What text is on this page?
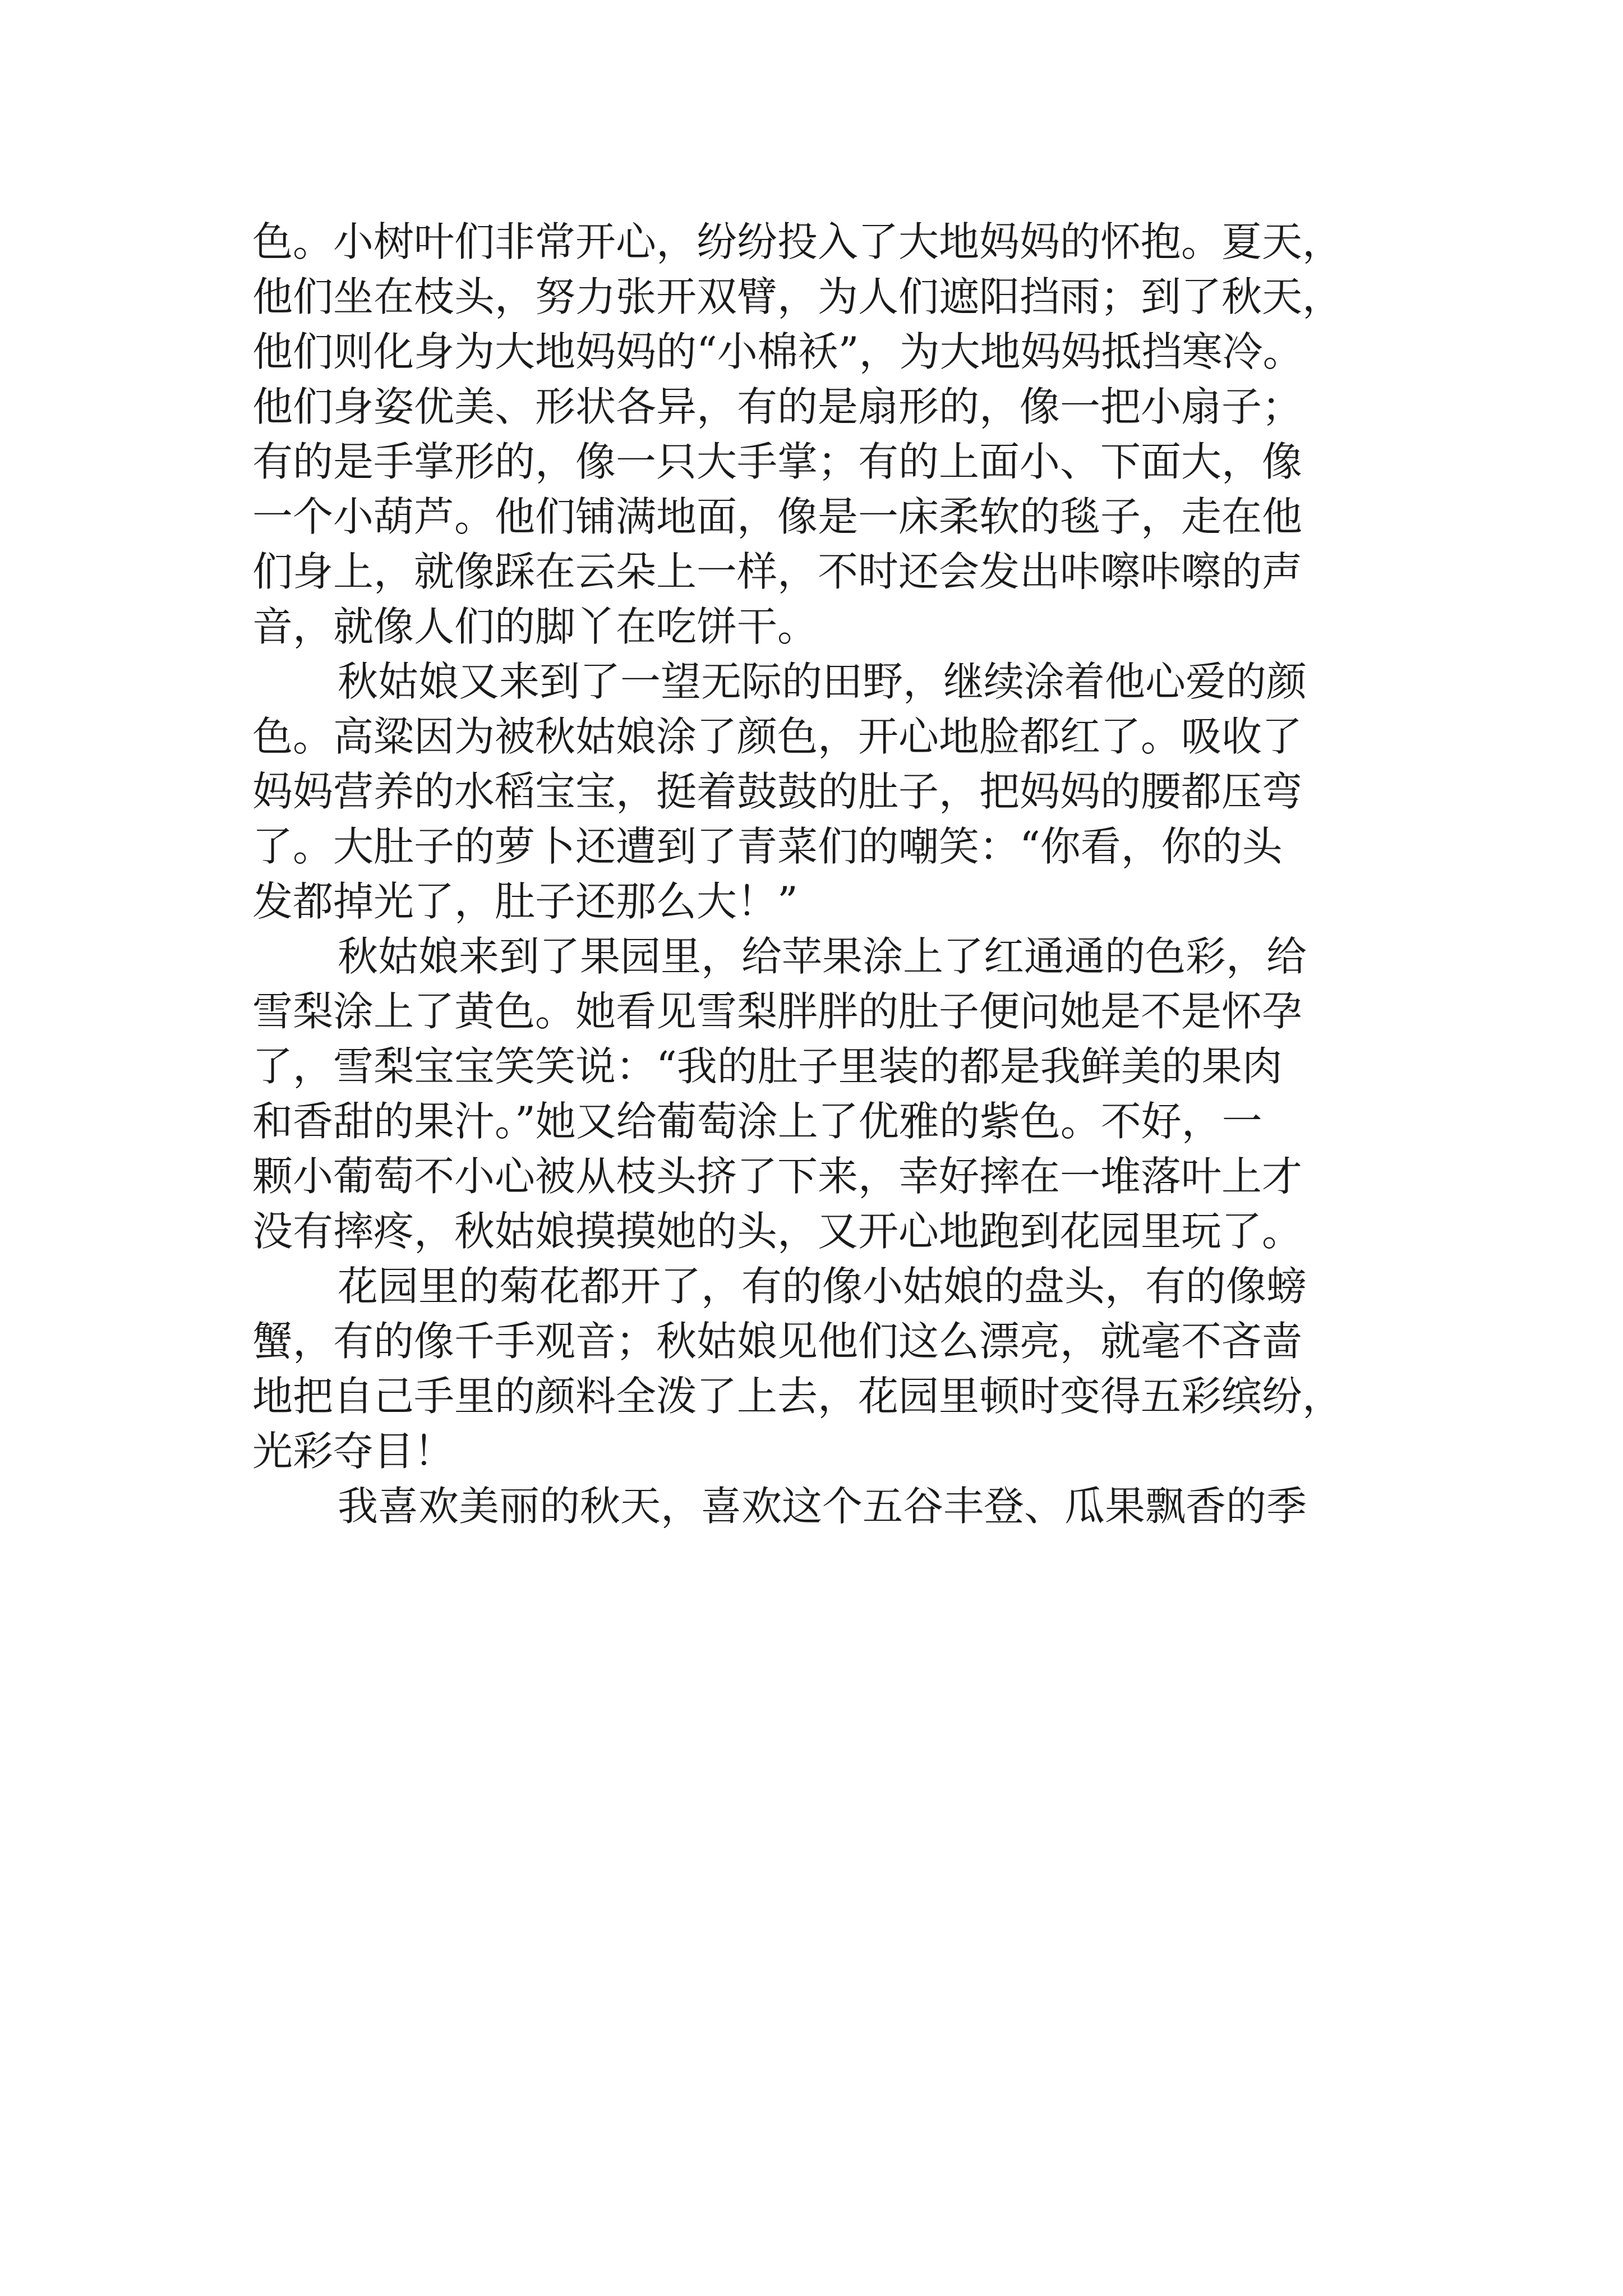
色。小树叶们非常开心，纷纷投入了大地妈妈的怀抱。夏天，
他们坐在枝头，努力张开双臂，为人们遮阳挡雨；到了秋天，
他们则化身为大地妈妈的“小棉袄”，为大地妈妈抵挡寒冷。
他们身姿优美、形状各异，有的是扇形的，像一把小扇子；
有的是手掌形的，像一只大手掌；有的上面小、下面大，像
一个小葫芦。他们铺满地面，像是一床柔软的毯子，走在他
们身上，就像踩在云朵上一样，不时还会发出咔嚓咔嚓的声
音，就像人们的脚丫在吃饼干。
秋姑娘又来到了一望无际的田野，继续涂着他心爱的颜
色。高粱因为被秋姑娘涂了颜色，开心地脸都红了。吸收了
妈妈营养的水稻宝宝，挺着鼓鼓的肚子，把妈妈的腰都压弯
了。大肚子的萝卜还遭到了青菜们的嘲笑：“你看，你的头
发都掉光了，肚子还那么大！”
秋姑娘来到了果园里，给苹果涂上了红通通的色彩，给
雪梨涂上了黄色。她看见雪梨胖胖的肚子便问她是不是怀孕
了，雪梨宝宝笑笑说：“我的肚子里装的都是我鲜美的果肉
和香甜的果汁。”她又给葡萄涂上了优雅的紫色。不好，一
颗小葡萄不小心被从枝头挤了下来，幸好摔在一堆落叶上才
没有摔疼，秋姑娘摸摸她的头，又开心地跑到花园里玩了。
花园里的菊花都开了，有的像小姑娘的盘头，有的像螃
蟹，有的像千手观音；秋姑娘见他们这么漂亮，就毫不吝啬
地把自己手里的颜料全泼了上去，花园里顿时变得五彩缤纷，
光彩夺目！
我喜欢美丽的秋天，喜欢这个五谷丰登、瓜果飘香的季
